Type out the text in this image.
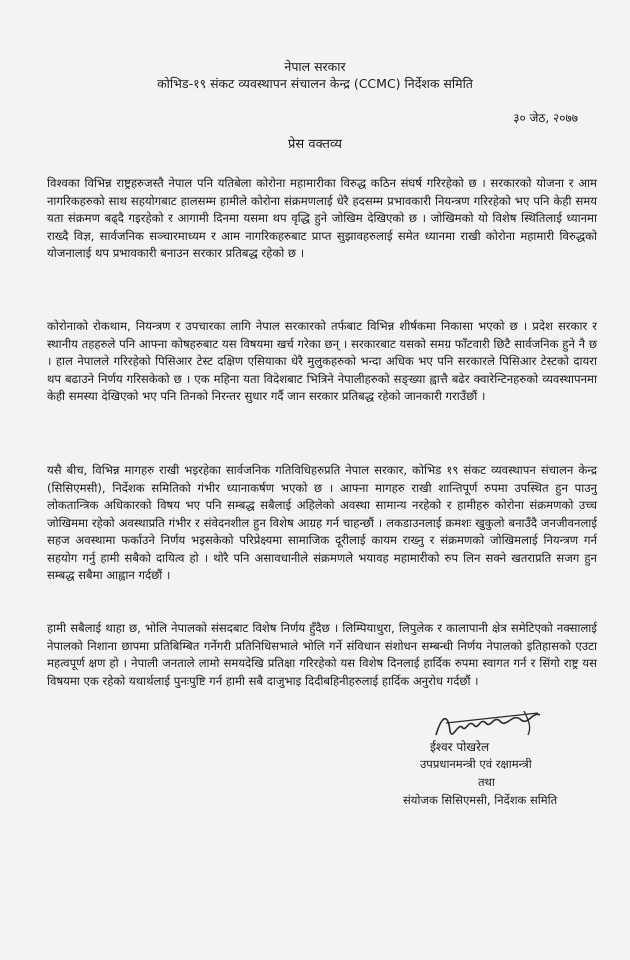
नेपाल सरकार
कोभिड-१९ संकट व्यवस्थापन संचालन केन्द्र (CCMC) निर्देशक समिति
३० जेठ, २०७७
प्रेस वक्तव्य
विश्वका विभिन्न राष्ट्रहरुजस्तै नेपाल पनि यतिबेला कोरोना महामारीका विरुद्ध कठिन संघर्ष गरिरहेको छ । सरकारको योजना र आम नागरिकहरुको साथ सहयोगबाट हालसम्म हामीले कोरोना संक्रमणलाई धेरै हदसम्म प्रभावकारी नियन्त्रण गरिरहेको भए पनि केही समय यता संक्रमण बढ्दै गइरहेको र आगामी दिनमा यसमा थप वृद्धि हुने जोखिम देखिएको छ । जोखिमको यो विशेष स्थितिलाई ध्यानमा राख्दै विज्ञ, सार्वजनिक सञ्चारमाध्यम र आम नागरिकहरुबाट प्राप्त सुझावहरुलाई समेत ध्यानमा राखी कोरोना महामारी विरुद्धको योजनालाई थप प्रभावकारी बनाउन सरकार प्रतिबद्ध रहेको छ ।
कोरोनाको रोकथाम, नियन्त्रण र उपचारका लागि नेपाल सरकारको तर्फबाट विभिन्न शीर्षकमा निकासा भएको छ । प्रदेश सरकार र स्थानीय तहहरुले पनि आफ्ना कोषहरुबाट यस विषयमा खर्च गरेका छन् । सरकारबाट यसको समग्र फाँटवारी छिटै सार्वजनिक हुने नै छ । हाल नेपालले गरिरहेको पिसिआर टेस्ट दक्षिण एसियाका धेरै मुलुकहरुको भन्दा अधिक भए पनि सरकारले पिसिआर टेस्टको दायरा थप बढाउने निर्णय गरिसकेको छ । एक महिना यता विदेशबाट भित्रिने नेपालीहरुको सङ्ख्या ह्वात्तै बढेर क्वारेन्टिनहरुको व्यवस्थापनमा केही समस्या देखिएको भए पनि तिनको निरन्तर सुधार गर्दै जान सरकार प्रतिबद्ध रहेको जानकारी गराउँछौं ।
यसै बीच, विभिन्न मागहरु राखी भइरहेका सार्वजनिक गतिविधिहरुप्रति नेपाल सरकार, कोभिड १९ संकट व्यवस्थापन संचालन केन्द्र (सिसिएमसी), निर्देशक समितिको गंभीर ध्यानाकर्षण भएको छ । आफ्ना मागहरु राखी शान्तिपूर्ण रुपमा उपस्थित हुन पाउनु लोकतान्त्रिक अधिकारको विषय भए पनि सम्बद्ध सबैलाई अहिलेको अवस्था सामान्य नरहेको र हामीहरु कोरोना संक्रमणको उच्च जोखिममा रहेको अवस्थाप्रति गंभीर र संवेदनशील हुन विशेष आग्रह गर्न चाहन्छौं । लकडाउनलाई क्रमशः खुकुलो बनाउँदै जनजीवनलाई सहज अवस्थामा फर्काउने निर्णय भइसकेको परिप्रेक्ष्यमा सामाजिक दूरीलाई कायम राख्नु र संक्रमणको जोखिमलाई नियन्त्रण गर्न सहयोग गर्नु हामी सबैको दायित्व हो । थोरै पनि असावधानीले संक्रमणले भयावह महामारीको रुप लिन सक्ने खतराप्रति सजग हुन सम्बद्ध सबैमा आह्वान गर्दछौं ।
हामी सबैलाई थाहा छ, भोलि नेपालको संसदबाट विशेष निर्णय हुँदैछ । लिम्पियाधुरा, लिपुलेक र कालापानी क्षेत्र समेटिएको नक्सालाई नेपालको निशाना छापमा प्रतिबिम्बित गर्नेगरी प्रतिनिधिसभाले भोलि गर्ने संविधान संशोधन सम्बन्धी निर्णय नेपालको इतिहासको एउटा महत्वपूर्ण क्षण हो । नेपाली जनताले लामो समयदेखि प्रतिक्षा गरिरहेको यस विशेष दिनलाई हार्दिक रुपमा स्वागत गर्न र सिंगो राष्ट्र यस विषयमा एक रहेको यथार्थलाई पुनःपुष्टि गर्न हामी सबै दाजुभाइ दिदीबहिनीहरुलाई हार्दिक अनुरोध गर्दछौं ।
ईश्वर पोखरेल
उपप्रधानमन्त्री एवं रक्षामन्त्री
तथा
संयोजक सिसिएमसी, निर्देशक समिति
